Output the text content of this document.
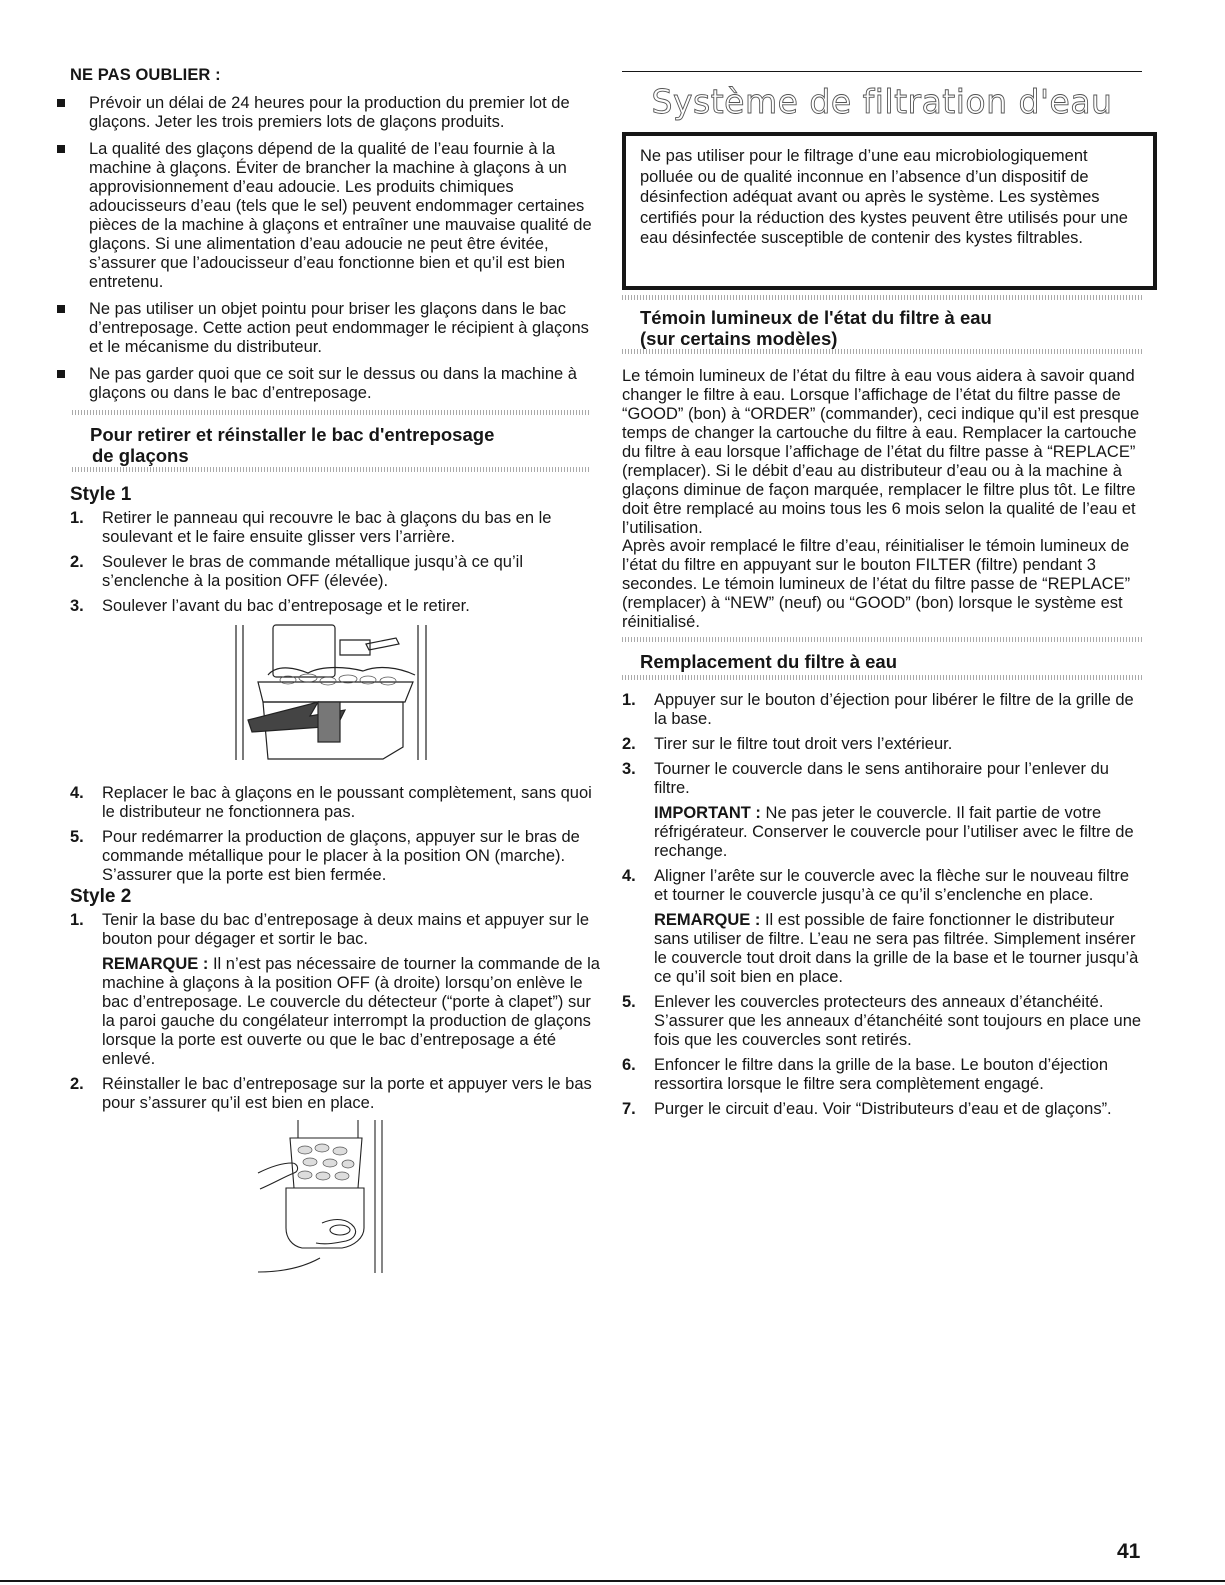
NE PAS OUBLIER :
Prévoir un délai de 24 heures pour la production du premier lot de glaçons. Jeter les trois premiers lots de glaçons produits.
La qualité des glaçons dépend de la qualité de l’eau fournie à la machine à glaçons. Éviter de brancher la machine à glaçons à un approvisionnement d’eau adoucie. Les produits chimiques adoucisseurs d’eau (tels que le sel) peuvent endommager certaines pièces de la machine à glaçons et entraîner une mauvaise qualité de glaçons. Si une alimentation d’eau adoucie ne peut être évitée, s’assurer que l’adoucisseur d’eau fonctionne bien et qu’il est bien entretenu.
Ne pas utiliser un objet pointu pour briser les glaçons dans le bac d’entreposage. Cette action peut endommager le récipient à glaçons et le mécanisme du distributeur.
Ne pas garder quoi que ce soit sur le dessus ou dans la machine à glaçons ou dans le bac d’entreposage.
Pour retirer et réinstaller le bac d'entreposage
de glaçons
Style 1
1. Retirer le panneau qui recouvre le bac à glaçons du bas en le soulevant et le faire ensuite glisser vers l’arrière.
2. Soulever le bras de commande métallique jusqu’à ce qu’il s’enclenche à la position OFF (élevée).
3. Soulever l’avant du bac d’entreposage et le retirer.
4. Replacer le bac à glaçons en le poussant complètement, sans quoi le distributeur ne fonctionnera pas.
5. Pour redémarrer la production de glaçons, appuyer sur le bras de commande métallique pour le placer à la position ON (marche). S’assurer que la porte est bien fermée.
Style 2
1. Tenir la base du bac d’entreposage à deux mains et appuyer sur le bouton pour dégager et sortir le bac.
REMARQUE : Il n’est pas nécessaire de tourner la commande de la machine à glaçons à la position OFF (à droite) lorsqu’on enlève le bac d’entreposage. Le couvercle du détecteur (“porte à clapet”) sur la paroi gauche du congélateur interrompt la production de glaçons lorsque la porte est ouverte ou que le bac d’entreposage a été enlevé.
2. Réinstaller le bac d’entreposage sur la porte et appuyer vers le bas pour s’assurer qu’il est bien en place.
Système de filtration d'eau
Ne pas utiliser pour le filtrage d’une eau microbiologiquement polluée ou de qualité inconnue en l’absence d’un dispositif de désinfection adéquat avant ou après le système. Les systèmes certifiés pour la réduction des kystes peuvent être utilisés pour une eau désinfectée susceptible de contenir des kystes filtrables.
Témoin lumineux de l'état du filtre à eau
(sur certains modèles)

Le témoin lumineux de l’état du filtre à eau vous aidera à savoir quand changer le filtre à eau. Lorsque l’affichage de l’état du filtre passe de “GOOD” (bon) à “ORDER” (commander), ceci indique qu’il est presque temps de changer la cartouche du filtre à eau. Remplacer la cartouche du filtre à eau lorsque l’affichage de l’état du filtre passe à “REPLACE” (remplacer). Si le débit d’eau au distributeur d’eau ou à la machine à glaçons diminue de façon marquée, remplacer le filtre plus tôt. Le filtre doit être remplacé au moins tous les 6 mois selon la qualité de l’eau et l’utilisation.

Après avoir remplacé le filtre d’eau, réinitialiser le témoin lumineux de l’état du filtre en appuyant sur le bouton FILTER (filtre) pendant 3 secondes. Le témoin lumineux de l’état du filtre passe de “REPLACE” (remplacer) à “NEW” (neuf) ou “GOOD” (bon) lorsque le système est réinitialisé.

Remplacement du filtre à eau
1. Appuyer sur le bouton d’éjection pour libérer le filtre de la grille de la base.
2. Tirer sur le filtre tout droit vers l’extérieur.
3. Tourner le couvercle dans le sens antihoraire pour l’enlever du filtre.
IMPORTANT : Ne pas jeter le couvercle. Il fait partie de votre réfrigérateur. Conserver le couvercle pour l’utiliser avec le filtre de rechange.
4. Aligner l’arête sur le couvercle avec la flèche sur le nouveau filtre et tourner le couvercle jusqu’à ce qu’il s’enclenche en place.
REMARQUE : Il est possible de faire fonctionner le distributeur sans utiliser de filtre. L’eau ne sera pas filtrée. Simplement insérer le couvercle tout droit dans la grille de la base et le tourner jusqu’à ce qu’il soit bien en place.
5. Enlever les couvercles protecteurs des anneaux d’étanchéité. S’assurer que les anneaux d’étanchéité sont toujours en place une fois que les couvercles sont retirés.
6. Enfoncer le filtre dans la grille de la base. Le bouton d’éjection ressortira lorsque le filtre sera complètement engagé.
7. Purger le circuit d’eau. Voir “Distributeurs d’eau et de glaçons”.
41
